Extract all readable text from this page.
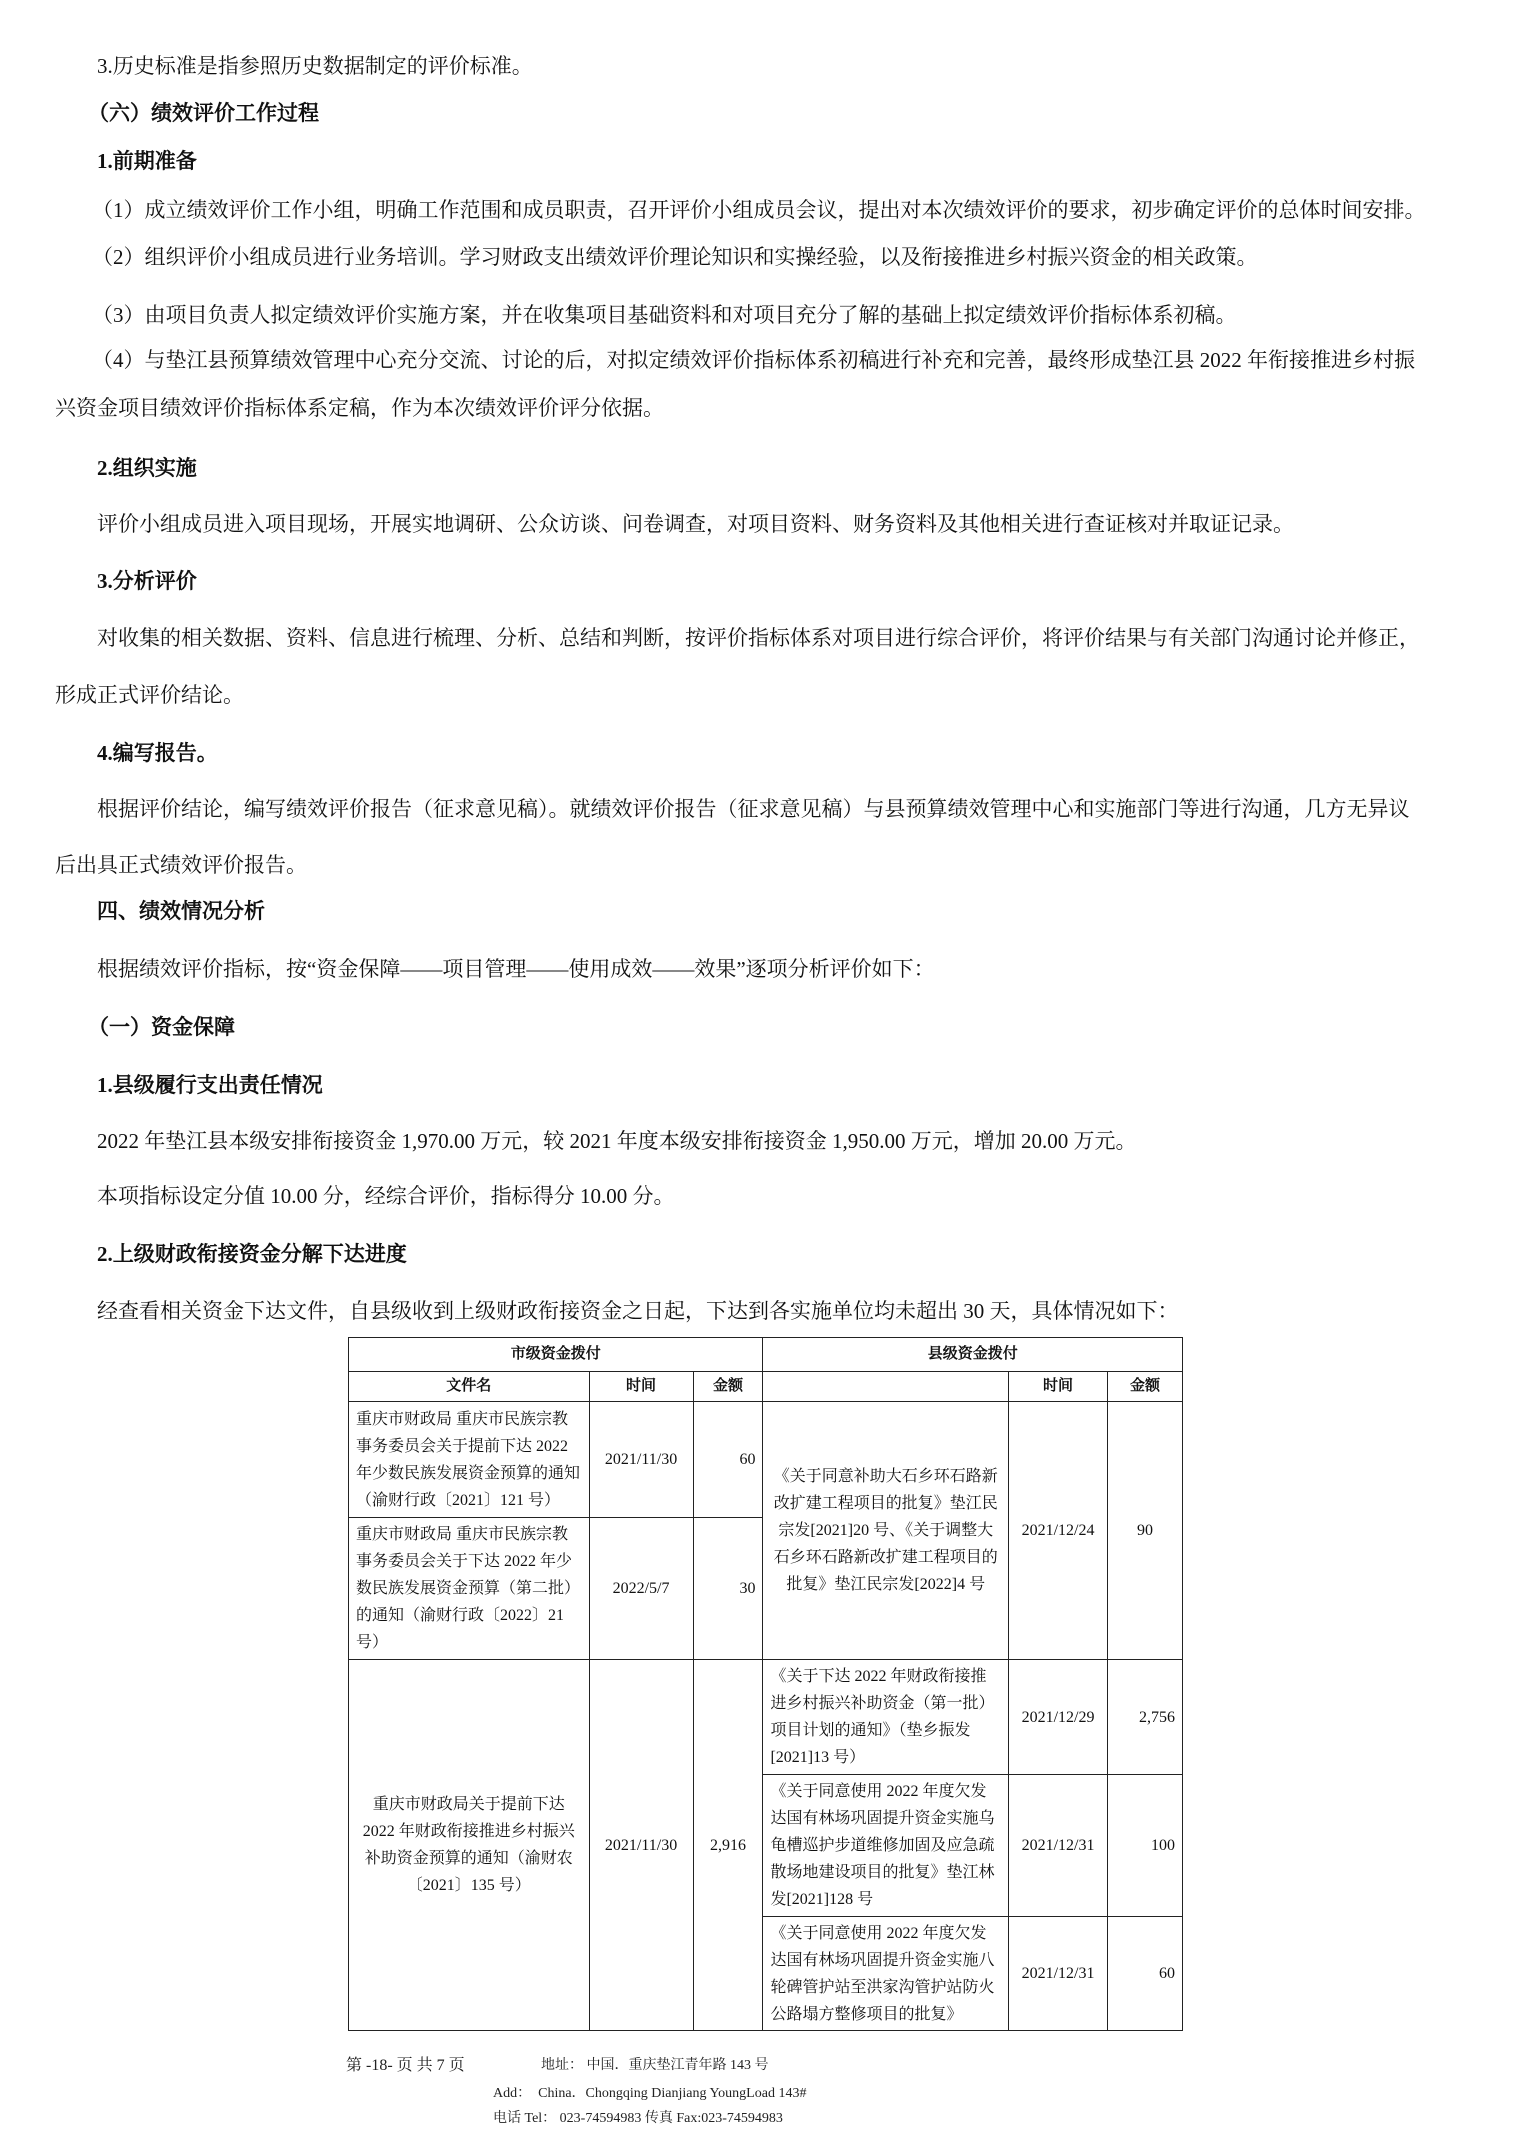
3.历史标准是指参照历史数据制定的评价标准。
（六）绩效评价工作过程
1.前期准备
（1）成立绩效评价工作小组，明确工作范围和成员职责，召开评价小组成员会议，提出对本次绩效评价的要求，初步确定评价的总体时间安排。
（2）组织评价小组成员进行业务培训。学习财政支出绩效评价理论知识和实操经验，以及衔接推进乡村振兴资金的相关政策。
（3）由项目负责人拟定绩效评价实施方案，并在收集项目基础资料和对项目充分了解的基础上拟定绩效评价指标体系初稿。
（4）与垫江县预算绩效管理中心充分交流、讨论的后，对拟定绩效评价指标体系初稿进行补充和完善，最终形成垫江县 2022 年衔接推进乡村振
兴资金项目绩效评价指标体系定稿，作为本次绩效评价评分依据。
2.组织实施
评价小组成员进入项目现场，开展实地调研、公众访谈、问卷调查，对项目资料、财务资料及其他相关进行查证核对并取证记录。
3.分析评价
对收集的相关数据、资料、信息进行梳理、分析、总结和判断，按评价指标体系对项目进行综合评价，将评价结果与有关部门沟通讨论并修正，
形成正式评价结论。
4.编写报告。
根据评价结论，编写绩效评价报告（征求意见稿）。就绩效评价报告（征求意见稿）与县预算绩效管理中心和实施部门等进行沟通，几方无异议
后出具正式绩效评价报告。
四、绩效情况分析
根据绩效评价指标，按“资金保障——项目管理——使用成效——效果”逐项分析评价如下：
（一）资金保障
1.县级履行支出责任情况
2022 年垫江县本级安排衔接资金 1,970.00 万元，较 2021 年度本级安排衔接资金 1,950.00 万元，增加 20.00 万元。
本项指标设定分值 10.00 分，经综合评价，指标得分 10.00 分。
2.上级财政衔接资金分解下达进度
经查看相关资金下达文件，自县级收到上级财政衔接资金之日起，下达到各实施单位均未超出 30 天，具体情况如下：
市级资金拨付			县级资金拨付		
文件名	时间	金额		时间	金额
重庆市财政局 重庆市民族宗教事务委员会关于提前下达 2022 年少数民族发展资金预算的通知（渝财行政〔2021〕121 号）	2021/11/30	60	《关于同意补助大石乡环石路新改扩建工程项目的批复》垫江民宗发[2021]20 号、《关于调整大石乡环石路新改扩建工程项目的批复》垫江民宗发[2022]4 号	2021/12/24	90
重庆市财政局 重庆市民族宗教事务委员会关于下达 2022 年少数民族发展资金预算（第二批）的通知（渝财行政〔2022〕21 号）	2022/5/7	30			
重庆市财政局关于提前下达 2022 年财政衔接推进乡村振兴补助资金预算的通知（渝财农〔2021〕135 号）	2021/11/30	2,916	《关于下达 2022 年财政衔接推进乡村振兴补助资金（第一批）项目计划的通知》（垫乡振发[2021]13 号）	2021/12/29	2,756
			《关于同意使用 2022 年度欠发达国有林场巩固提升资金实施乌龟槽巡护步道维修加固及应急疏散场地建设项目的批复》垫江林发[2021]128 号	2021/12/31	100
			《关于同意使用 2022 年度欠发达国有林场巩固提升资金实施八轮碑管护站至洪家沟管护站防火公路塌方整修项目的批复》	2021/12/31	60
第 -18- 页 共 7 页	地址： 中国．重庆垫江青年路 143 号
Add：　China．Chongqing Dianjiang YoungLoad 143#
电话 Tel： 023-74594983 传真 Fax:023-74594983
